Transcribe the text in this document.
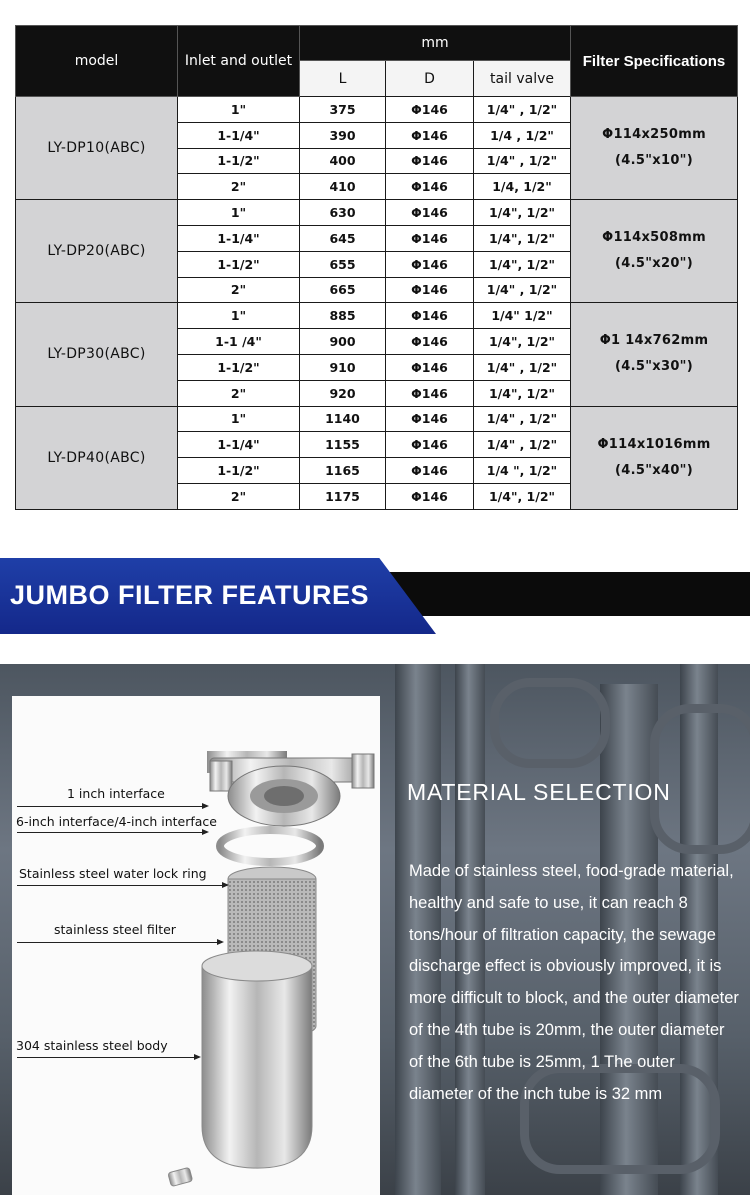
model	Inlet and outlet	mm			Filter Specifications
		L	D	tail valve	
LY-DP10(ABC)	1"	375	Φ146	1/4" , 1/2"	Φ114x250mm
(4.5"x10")
	1-1/4"	390	Φ146	1/4 , 1/2"	
	1-1/2"	400	Φ146	1/4" , 1/2"	
	2"	410	Φ146	1/4, 1/2"	
LY-DP20(ABC)	1"	630	Φ146	1/4", 1/2"	Φ114x508mm
(4.5"x20")
	1-1/4"	645	Φ146	1/4", 1/2"	
	1-1/2"	655	Φ146	1/4", 1/2"	
	2"	665	Φ146	1/4" , 1/2"	
LY-DP30(ABC)	1"	885	Φ146	1/4" 1/2"	Φ1 14x762mm
(4.5"x30")
	1-1 /4"	900	Φ146	1/4", 1/2"	
	1-1/2"	910	Φ146	1/4" , 1/2"	
	2"	920	Φ146	1/4", 1/2"	
LY-DP40(ABC)	1"	1140	Φ146	1/4" , 1/2"	Φ114x1016mm
(4.5"x40")
	1-1/4"	1155	Φ146	1/4" , 1/2"	
	1-1/2"	1165	Φ146	1/4 ", 1/2"	
	2"	1175	Φ146	1/4", 1/2"	
JUMBO FILTER FEATURES
1 inch interface
6-inch interface/4-inch interface
Stainless steel water lock ring
stainless steel filter
304 stainless steel body
MATERIAL SELECTION
Made of stainless steel, food-grade material, healthy and safe to use, it can reach 8 tons/hour of filtration capacity, the sewage discharge effect is obviously improved, it is more difficult to block, and the outer diameter of the 4th tube is 20mm, the outer diameter of the 6th tube is 25mm, 1 The outer diameter of the inch tube is 32 mm
